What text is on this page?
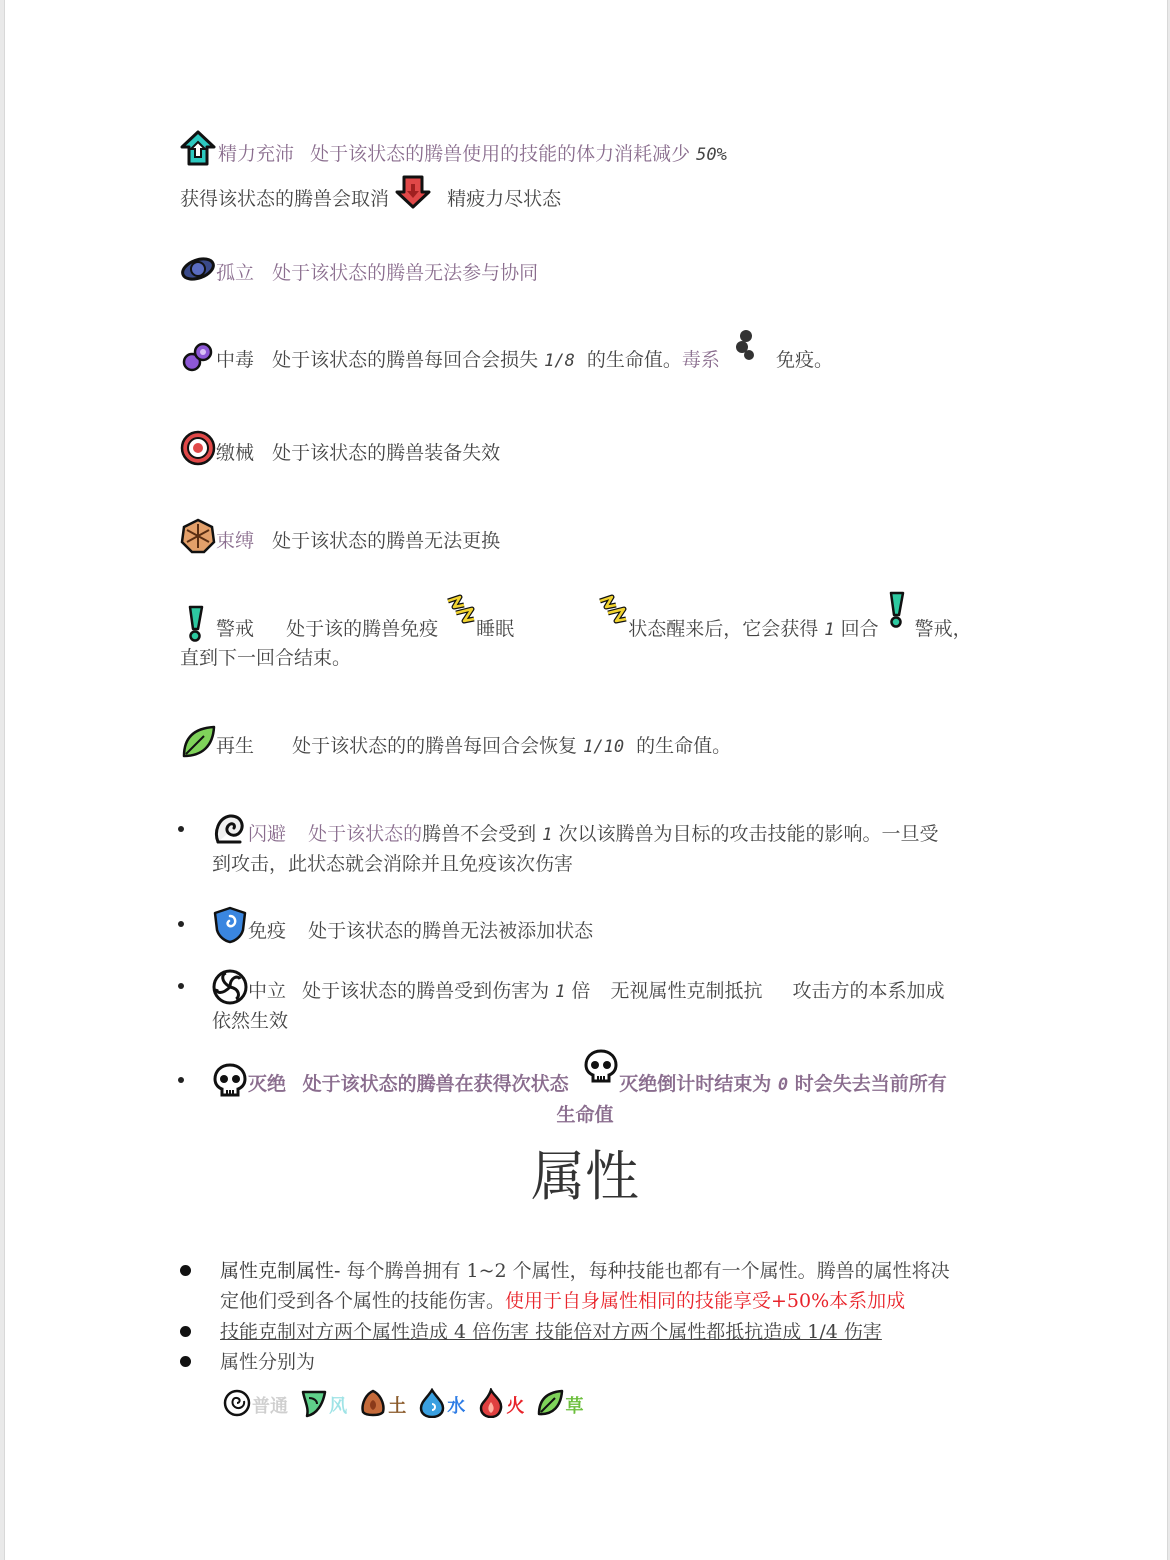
精力充沛 处于该状态的腾兽使用的技能的体力消耗减少 50%
获得该状态的腾兽会取消	精疲力尽状态
孤立 处于该状态的腾兽无法参与协同
中毒 处于该状态的腾兽每回合会损失 1/8 的生命值。毒系	免疫。
缴械 处于该状态的腾兽装备失效
束缚 处于该状态的腾兽无法更换
警戒 处于该的腾兽免疫 睡眠	状态醒来后，它会获得 1 回合 警戒，
直到下一回合结束。
再生 处于该状态的的腾兽每回合会恢复 1/10 的生命值。
闪避 处于该状态的腾兽不会受到 1 次以该腾兽为目标的攻击技能的影响。一旦受
到攻击，此状态就会消除并且免疫该次伤害
免疫 处于该状态的腾兽无法被添加状态
中立 处于该状态的腾兽受到伤害为 1 倍 无视属性克制抵抗 攻击方的本系加成
依然生效
灭绝 处于该状态的腾兽在获得次状态	灭绝倒计时结束为 0 时会失去当前所有
生命值
属性
属性克制属性- 每个腾兽拥有 1~2 个属性，每种技能也都有一个属性。腾兽的属性将决
定他们受到各个属性的技能伤害。使用于自身属性相同的技能享受+50%本系加成
技能克制对方两个属性造成 4 倍伤害 技能倍对方两个属性都抵抗造成 1/4 伤害
属性分别为
普通 风 土 水 火 草
